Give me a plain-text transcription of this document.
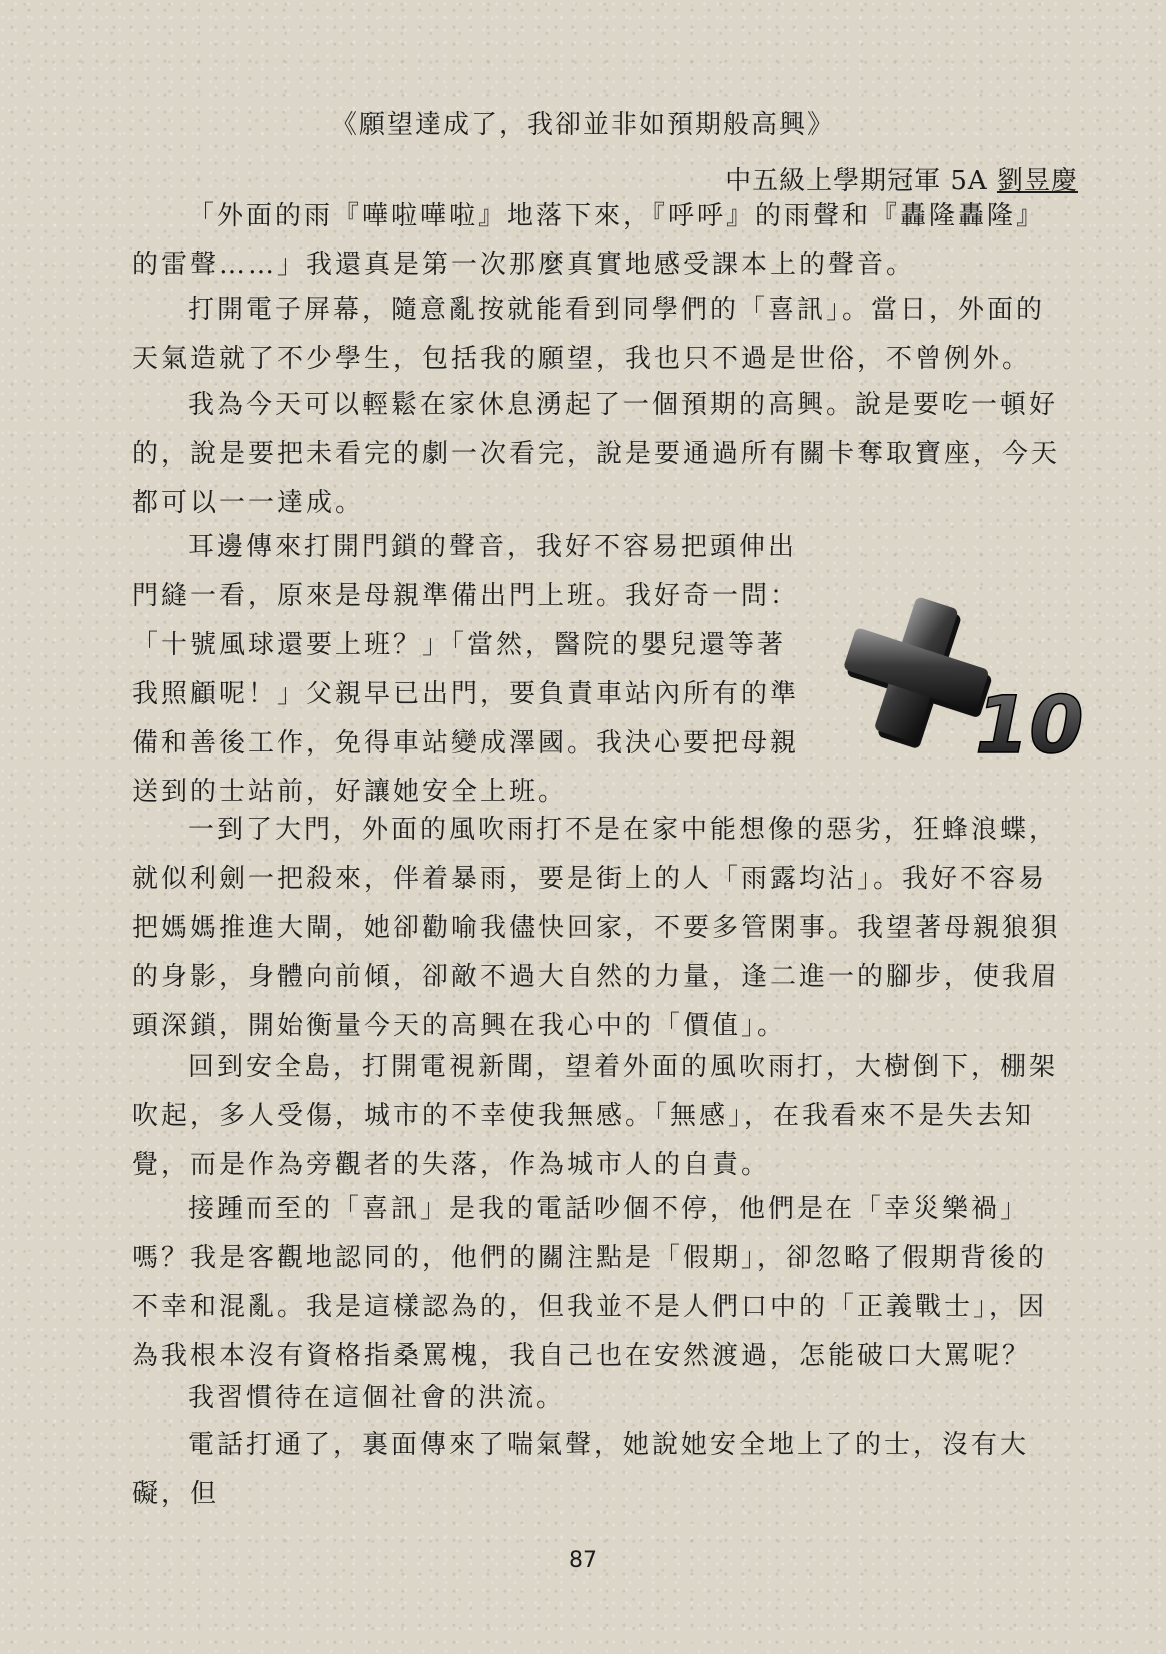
《願望達成了，我卻並非如預期般高興》
中五級上學期冠軍 5A 劉昱慶

「外面的雨『嘩啦嘩啦』地落下來，『呼呼』的雨聲和『轟隆轟隆』的雷聲……」我還真是第一次那麼真實地感受課本上的聲音。

打開電子屏幕，隨意亂按就能看到同學們的「喜訊」。當日，外面的天氣造就了不少學生，包括我的願望，我也只不過是世俗，不曾例外。

我為今天可以輕鬆在家休息湧起了一個預期的高興。說是要吃一頓好的，說是要把未看完的劇一次看完，說是要通過所有關卡奪取寶座，今天都可以一一達成。

耳邊傳來打開門鎖的聲音，我好不容易把頭伸出門縫一看，原來是母親準備出門上班。我好奇一問：「十號風球還要上班？」「當然，醫院的嬰兒還等著我照顧呢！」父親早已出門，要負責車站內所有的準備和善後工作，免得車站變成澤國。我決心要把母親送到的士站前，好讓她安全上班。

一到了大門，外面的風吹雨打不是在家中能想像的惡劣，狂蜂浪蝶，就似利劍一把殺來，伴着暴雨，要是街上的人「雨露均沾」。我好不容易把媽媽推進大閘，她卻勸喻我儘快回家，不要多管閑事。我望著母親狼狽的身影，身體向前傾，卻敵不過大自然的力量，逢二進一的腳步，使我眉頭深鎖，開始衡量今天的高興在我心中的「價值」。

回到安全島，打開電視新聞，望着外面的風吹雨打，大樹倒下，棚架吹起，多人受傷，城市的不幸使我無感。「無感」，在我看來不是失去知覺，而是作為旁觀者的失落，作為城市人的自責。

接踵而至的「喜訊」是我的電話吵個不停，他們是在「幸災樂禍」嗎？我是客觀地認同的，他們的關注點是「假期」，卻忽略了假期背後的不幸和混亂。我是這樣認為的，但我並不是人們口中的「正義戰士」，因為我根本沒有資格指桑罵槐，我自己也在安然渡過，怎能破口大罵呢？

我習慣待在這個社會的洪流。

電話打通了，裏面傳來了喘氣聲，她說她安全地上了的士，沒有大礙，但

10
87
